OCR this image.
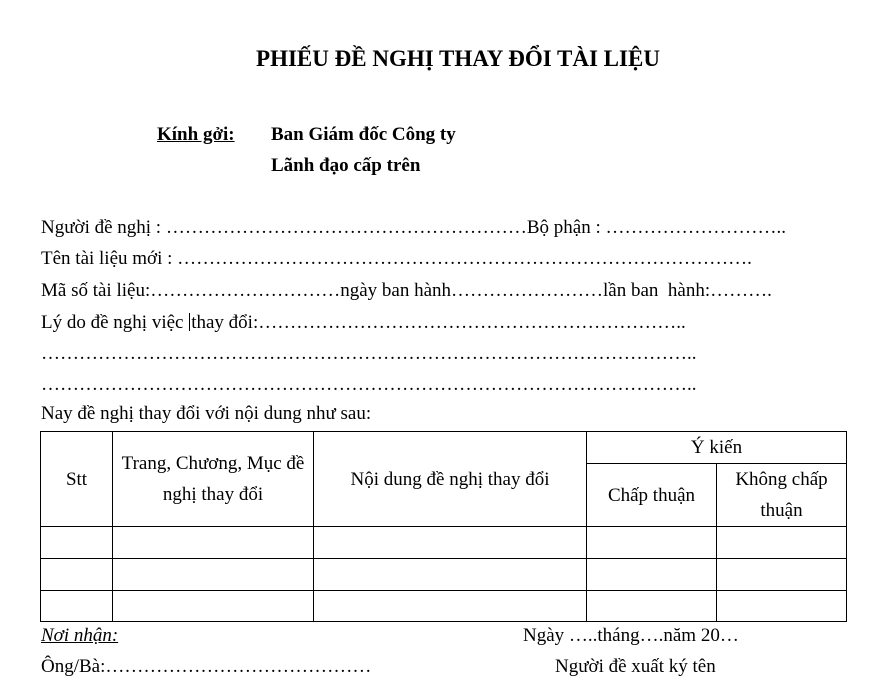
PHIẾU ĐỀ NGHỊ THAY ĐỔI TÀI LIỆU
Kính gởi: Ban Giám đốc Công ty
Lãnh đạo cấp trên
Người đề nghị : …………………………………………………Bộ phận : ………………………..
Tên tài liệu mới : ……………………………………………………………………………….
Mã số tài liệu:…………………………ngày ban hành……………………lần ban  hành:……….
Lý do đề nghị việc thay đổi:…………………………………………………………..
…………………………………………………………………………………………..
…………………………………………………………………………………………..
Nay đề nghị thay đổi với nội dung như sau:
Stt	Trang, Chương, Mục đề nghị thay đổi	Nội dung đề nghị thay đổi	Ý kiến	
			Chấp thuận	Không chấp thuận

Nơi nhận:	Ngày …..tháng….năm 20…
Ông/Bà:……………………………………	Người đề xuất ký tên
